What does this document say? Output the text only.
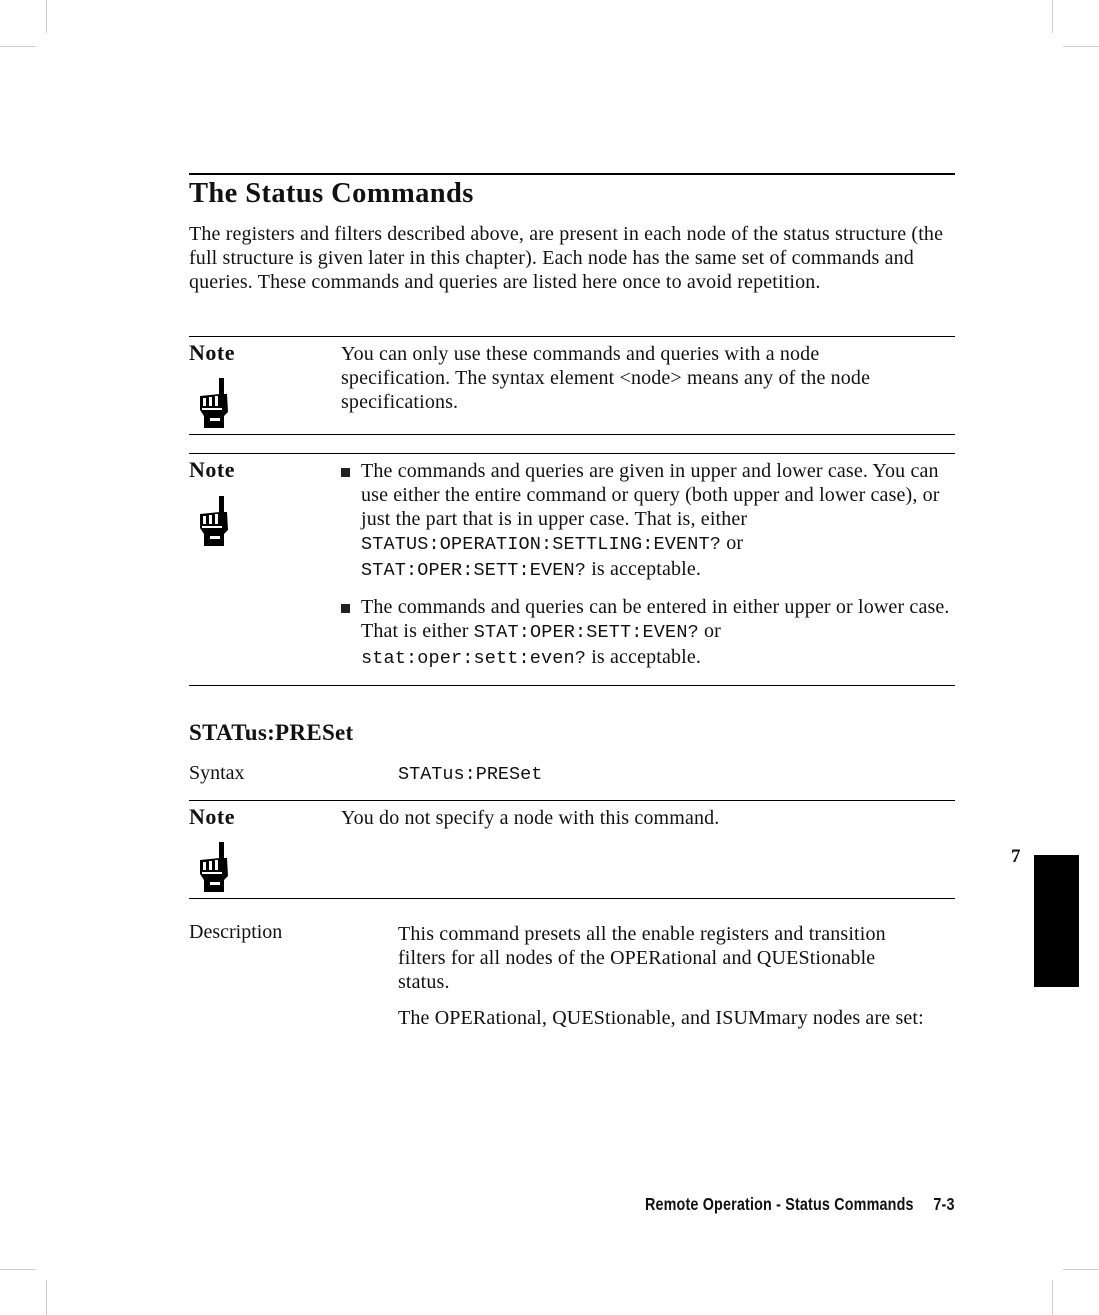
The Status Commands

The registers and filters described above, are present in each node of the status structure (the full structure is given later in this chapter). Each node has the same set of commands and queries. These commands and queries are listed here once to avoid repetition.

Note	You can only use these commands and queries with a node specification. The syntax element <node> means any of the node specifications.

Note	The commands and queries are given in upper and lower case. You can use either the entire command or query (both upper and lower case), or just the part that is in upper case. That is, either STATUS:OPERATION:SETTLING:EVENT? or
STAT:OPER:SETT:EVEN? is acceptable.
The commands and queries can be entered in either upper or lower case. That is either STAT:OPER:SETT:EVEN? or
stat:oper:sett:even? is acceptable.
STATus:PRESet
Syntax	STATus:PRESet
Note	You do not specify a node with this command.

Description	This command presets all the enable registers and transition filters for all nodes of the OPERational and QUEStionable status.

The OPERational, QUEStionable, and ISUMmary nodes are set:

7
Remote Operation - Status Commands 7-3
